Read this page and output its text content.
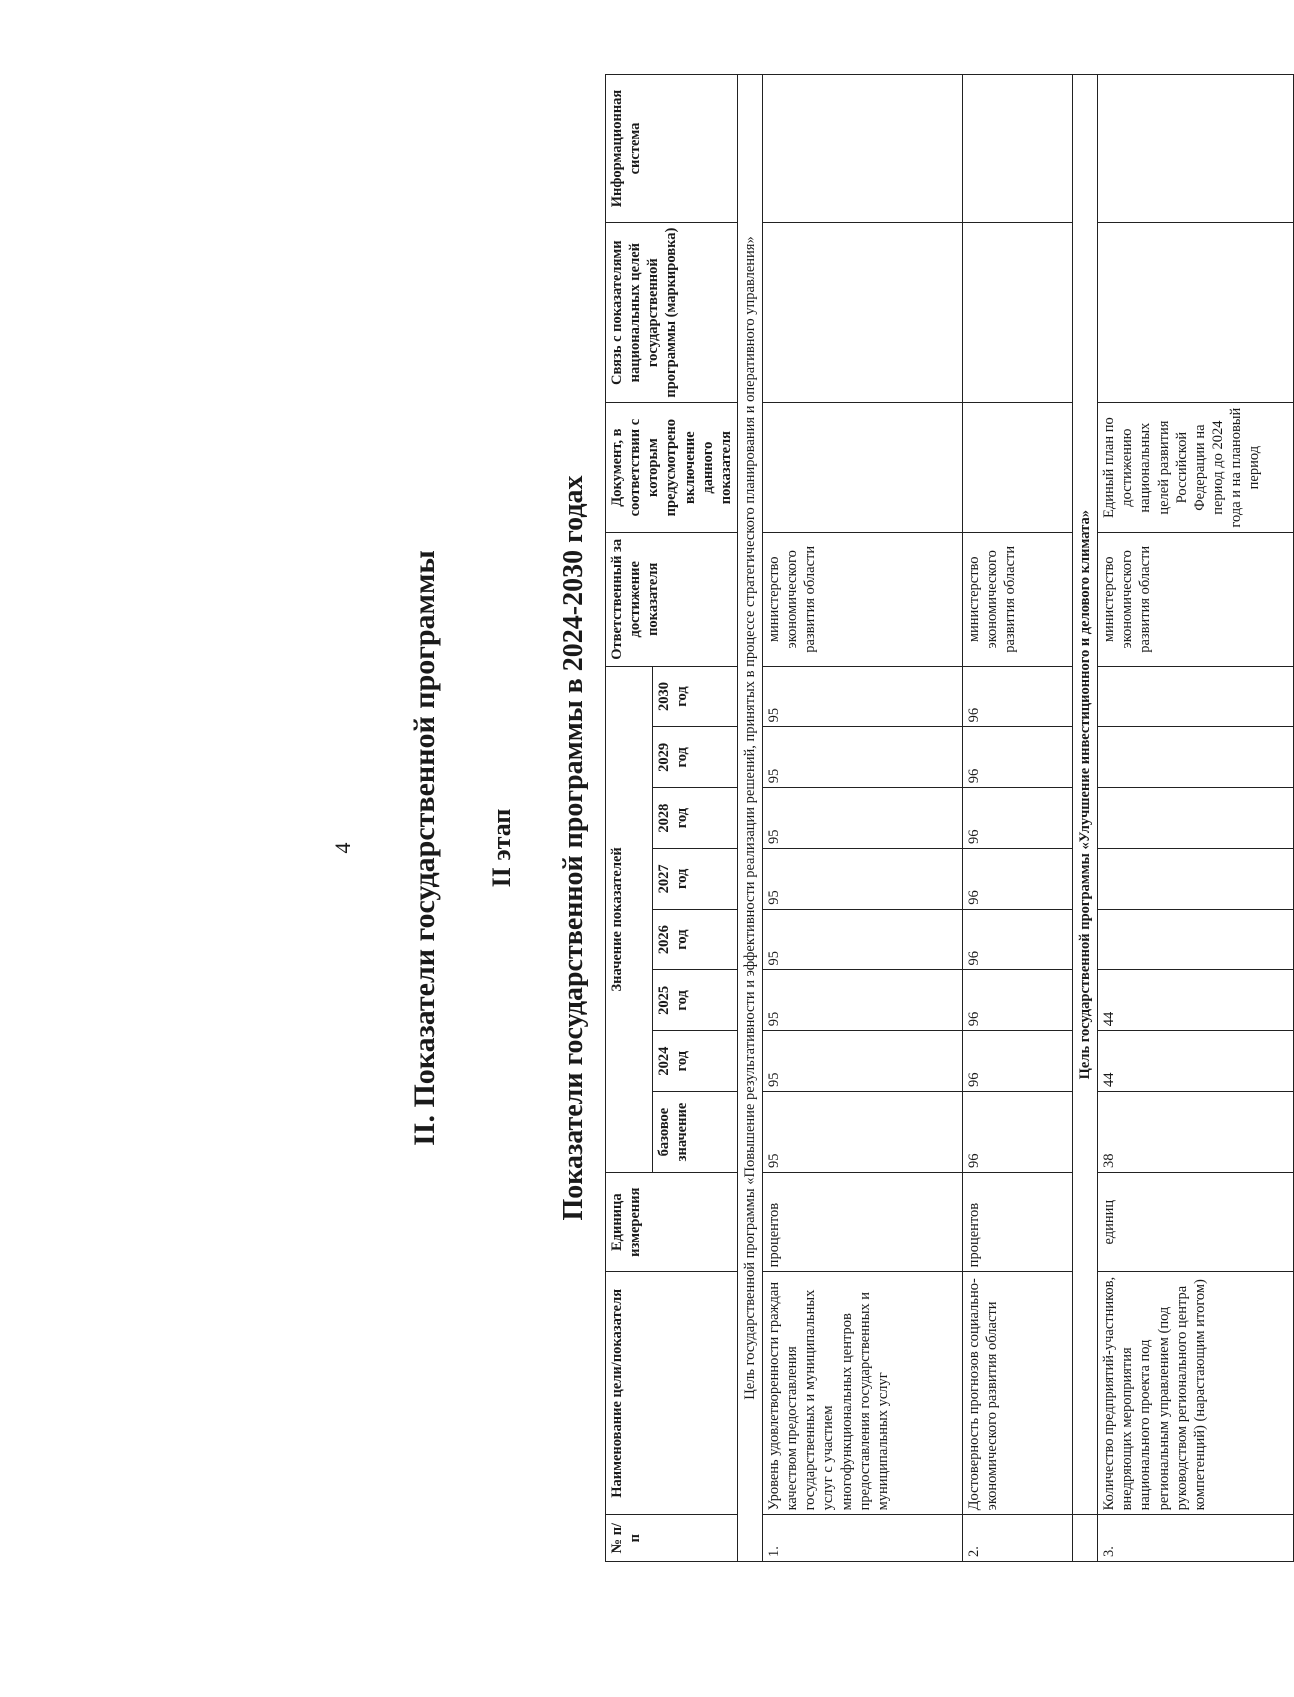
4 II. Показатели государственной программы II этап Показатели государственной программы в 2024-2030 годах
№ п/п	Наименование цели/показателя	Единица измерения	Значение показателей								Ответственный за достижение показателя	Документ, в соответствии с которым предусмотрено включение данного показателя	Связь с показателями национальных целей государственной программы (маркировка)	Информационная система
			базовое значение	2024 год	2025 год	2026 год	2027 год	2028 год	2029 год	2030 год				
Цель государственной программы «Повышение результативности и эффективности реализации решений, принятых в процессе стратегического планирования и оперативного управления»														
1.	Уровень удовлетворенности граждан качеством предоставления государственных и муниципальных услуг с участием многофункциональных центров предоставления государственных и муниципальных услуг	процентов	95	95	95	95	95	95	95	95	министерство экономического развития области			
2.	Достоверность прогнозов социально-экономического развития области	процентов	96	96	96	96	96	96	96	96	министерство экономического развития области			
	Цель государственной программы «Улучшение инвестиционного и делового климата»													
3.	Количество предприятий-участников, внедряющих мероприятия национального проекта под региональным управлением (под руководством регионального центра компетенций) (нарастающим итогом)	единиц	38	44	44						министерство экономического развития области	Единый план по достижению национальных целей развития Российской Федерации на период до 2024 года и на плановый период		
